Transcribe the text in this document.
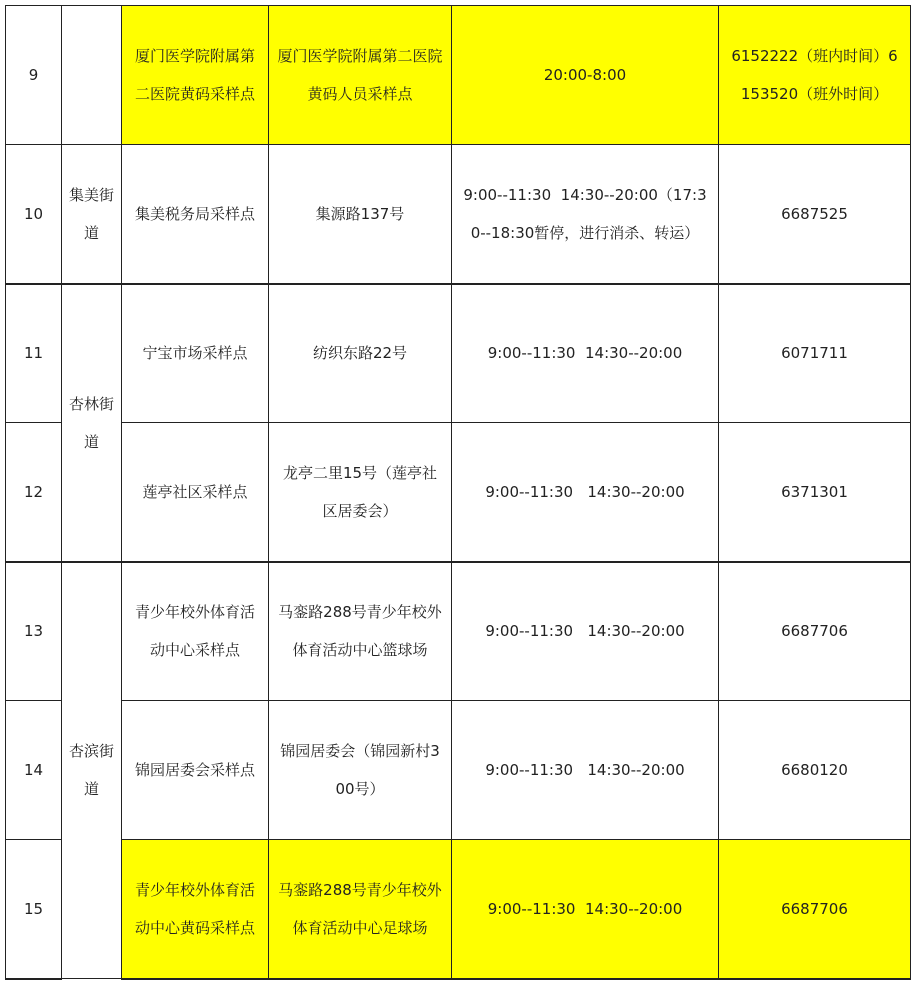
9		厦门医学院附属第二医院黄码采样点	厦门医学院附属第二医院黄码人员采样点	20:00-8:00	6152222（班内时间）6153520（班外时间）
10	集美街道	集美税务局采样点	集源路137号	9:00--11:30  14:30--20:00（17:30--18:30暂停，进行消杀、转运）	6687525
11	杏林街道	宁宝市场采样点	纺织东路22号	9:00--11:30  14:30--20:00	6071711
12		莲亭社区采样点	龙亭二里15号（莲亭社区居委会）	9:00--11:30   14:30--20:00	6371301
13	杏滨街道	青少年校外体育活动中心采样点	马銮路288号青少年校外体育活动中心篮球场	9:00--11:30   14:30--20:00	6687706
14		锦园居委会采样点	锦园居委会（锦园新村300号）	9:00--11:30   14:30--20:00	6680120
15		青少年校外体育活动中心黄码采样点	马銮路288号青少年校外体育活动中心足球场	9:00--11:30  14:30--20:00	6687706
